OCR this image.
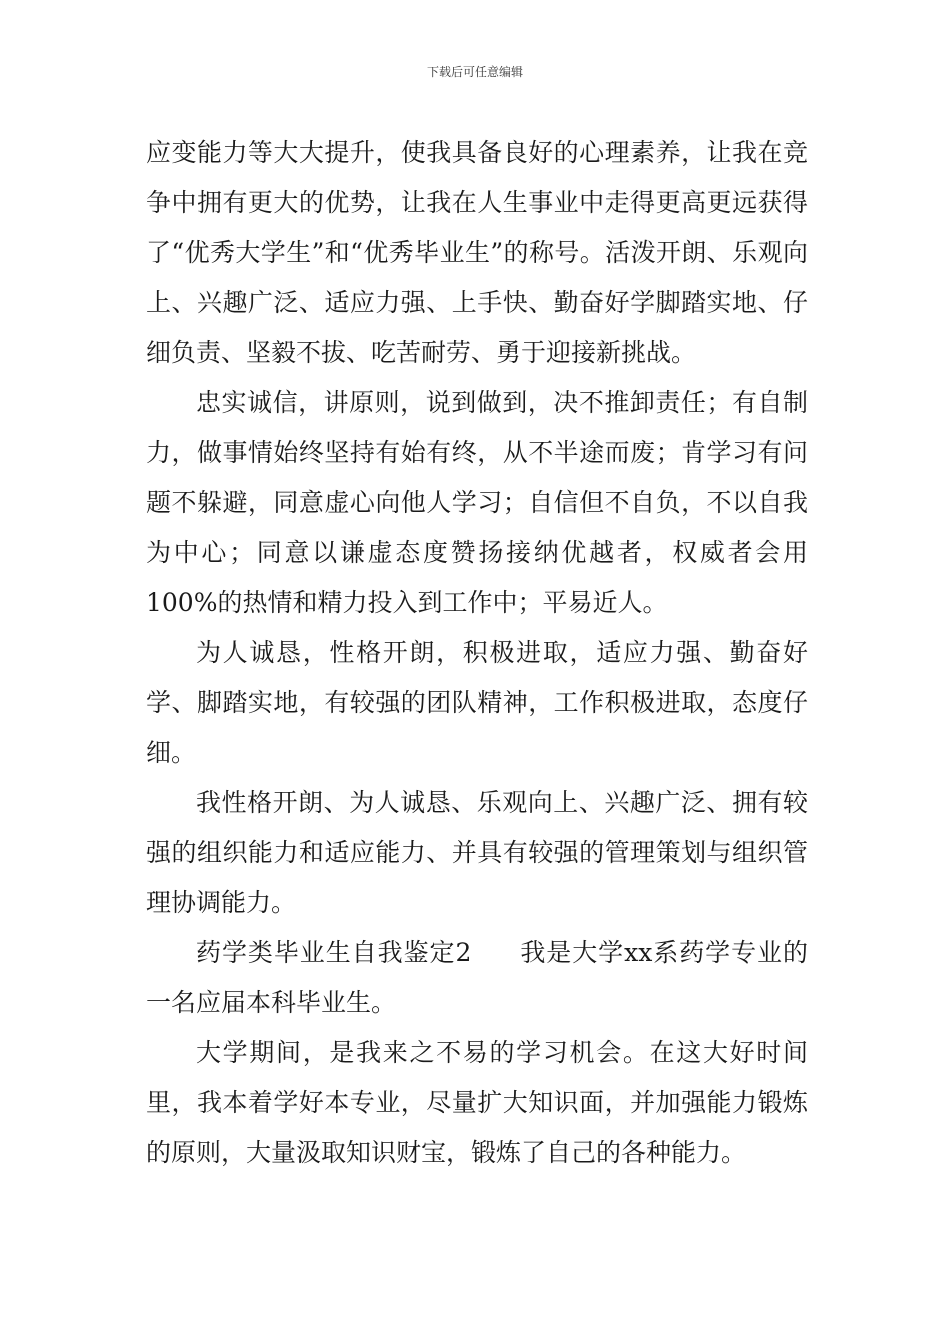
下载后可任意编辑

应变能力等大大提升，使我具备良好的心理素养，让我在竞争中拥有更大的优势，让我在人生事业中走得更高更远获得了“优秀大学生”和“优秀毕业生”的称号。活泼开朗、乐观向上、兴趣广泛、适应力强、上手快、勤奋好学脚踏实地、仔细负责、坚毅不拔、吃苦耐劳、勇于迎接新挑战。

忠实诚信，讲原则，说到做到，决不推卸责任；有自制力，做事情始终坚持有始有终，从不半途而废；肯学习有问题不躲避，同意虚心向他人学习；自信但不自负，不以自我为中心；同意以谦虚态度赞扬接纳优越者，权威者会用100%的热情和精力投入到工作中；平易近人。

为人诚恳，性格开朗，积极进取，适应力强、勤奋好学、脚踏实地，有较强的团队精神，工作积极进取，态度仔细。

我性格开朗、为人诚恳、乐观向上、兴趣广泛、拥有较强的组织能力和适应能力、并具有较强的管理策划与组织管理协调能力。

药学类毕业生自我鉴定2 我是大学xx系药学专业的一名应届本科毕业生。

大学期间，是我来之不易的学习机会。在这大好时间里，我本着学好本专业，尽量扩大知识面，并加强能力锻炼的原则，大量汲取知识财宝，锻炼了自己的各种能力。
